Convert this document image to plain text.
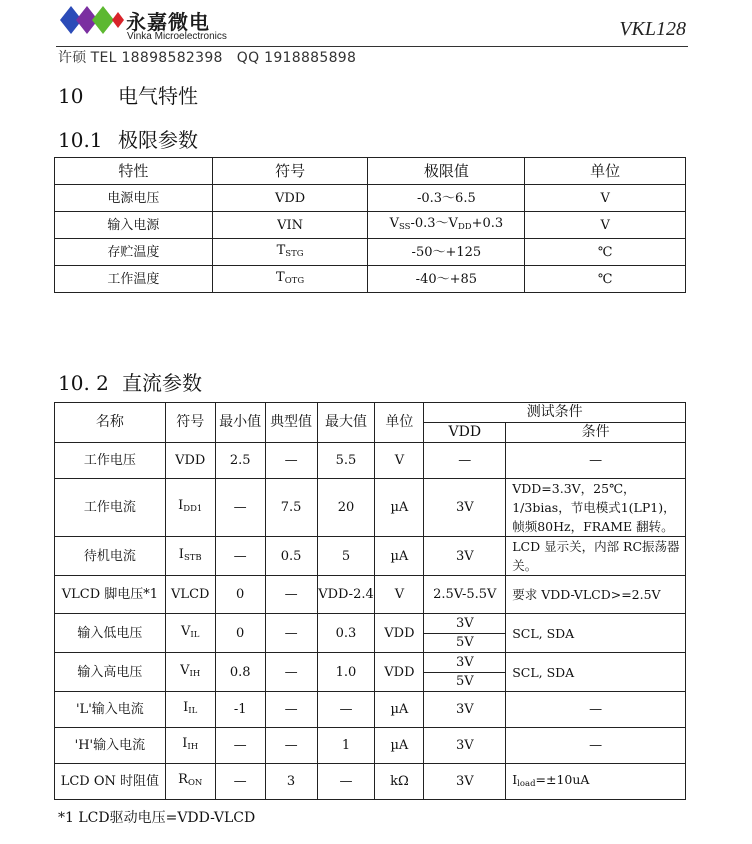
永嘉微电
Vinka Microelectronics	VKL128
许硕 TEL 18898582398 QQ 1918885898
10 电气特性
10.1 极限参数
特性	符号	极限值	单位
电源电压	VDD	-0.3～6.5	V
输入电源	VIN	$V_{SS}-0.3\sim V_{DD}+0.3$	V
存贮温度	$T_{STG}$	-50～+125	℃
工作温度	$T_{OTG}$	-40～+85	℃
10. 2 直流参数
名称	符号	最小值	典型值	最大值	单位	测试条件	
						VDD	条件
工作电压	VDD	2.5	—	5.5	V	—	—
工作电流	$I_{DD1}$	—	7.5	20	µA	3V	VDD=3.3V，25℃，1/3bias，节电模式1(LP1)，帧频80Hz，FRAME 翻转。
待机电流	$I_{STB}$	—	0.5	5	µA	3V	LCD 显示关，内部 RC振荡器关。
VLCD 脚电压*1	VLCD	0	—	VDD-2.4	V	2.5V-5.5V	要求 VDD-VLCD>=2.5V
输入低电压	$V_{IL}$	0	—	0.3	VDD	3V
5V	SCL, SDA
输入高电压	$V_{IH}$	0.8	—	1.0	VDD	3V
5V	SCL, SDA
'L'输入电流	$I_{IL}$	-1	—	—	µA	3V	—
'H'输入电流	$I_{IH}$	—	—	1	µA	3V	—
LCD ON 时阻值	$R_{ON}$	—	3	—	kΩ	3V	$I_{load}=\pm 10uA$
*1 LCD驱动电压=VDD-VLCD
